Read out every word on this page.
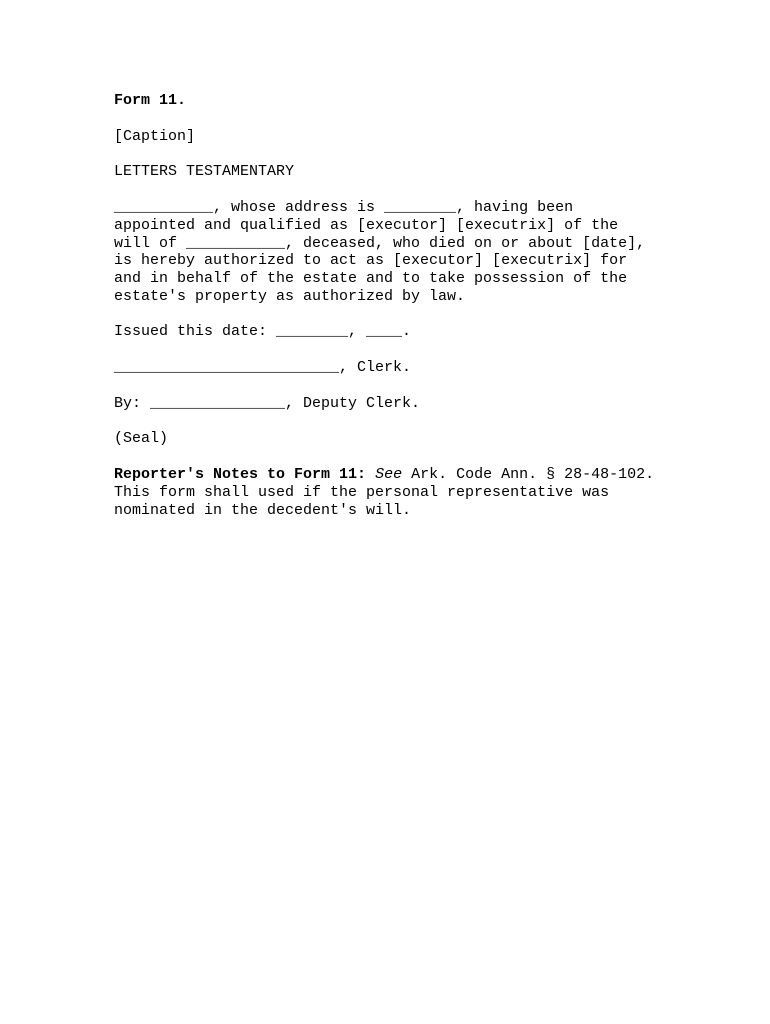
Form 11.
[Caption]
LETTERS TESTAMENTARY
___________, whose address is ________, having been
appointed and qualified as [executor] [executrix] of the
will of ___________, deceased, who died on or about [date],
is hereby authorized to act as [executor] [executrix] for
and in behalf of the estate and to take possession of the
estate's property as authorized by law.
Issued this date: ________, ____.
_________________________, Clerk.
By: _______________, Deputy Clerk.
(Seal)
Reporter's Notes to Form 11: See Ark. Code Ann. § 28-48-102.
This form shall used if the personal representative was
nominated in the decedent's will.
